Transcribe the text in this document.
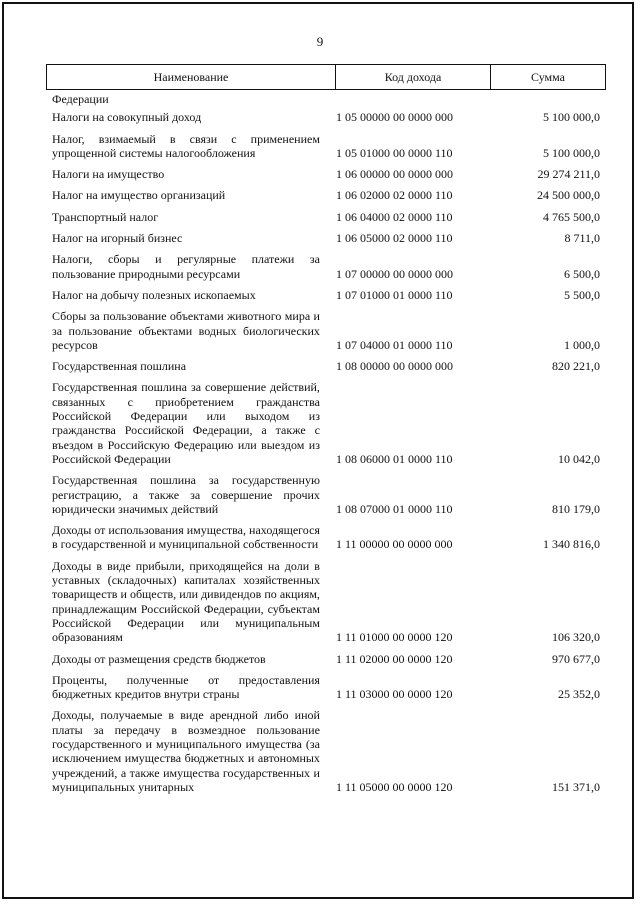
9
Наименование	Код дохода	Сумма
Федерации
Налоги на совокупный доход	1 05 00000 00 0000 000	5 100 000,0
Налог, взимаемый в связи с применением упрощенной системы налогообложения	1 05 01000 00 0000 110	5 100 000,0
Налоги на имущество	1 06 00000 00 0000 000	29 274 211,0
Налог на имущество организаций	1 06 02000 02 0000 110	24 500 000,0
Транспортный налог	1 06 04000 02 0000 110	4 765 500,0
Налог на игорный бизнес	1 06 05000 02 0000 110	8 711,0
Налоги, сборы и регулярные платежи за пользование природными ресурсами	1 07 00000 00 0000 000	6 500,0
Налог на добычу полезных ископаемых	1 07 01000 01 0000 110	5 500,0
Сборы за пользование объектами животного мира и за пользование объектами водных биологических ресурсов	1 07 04000 01 0000 110	1 000,0
Государственная пошлина	1 08 00000 00 0000 000	820 221,0
Государственная пошлина за совершение действий, связанных с приобретением гражданства Российской Федерации или выходом из гражданства Российской Федерации, а также с въездом в Российскую Федерацию или выездом из Российской Федерации	1 08 06000 01 0000 110	10 042,0
Государственная пошлина за государственную регистрацию, а также за совершение прочих юридически значимых действий	1 08 07000 01 0000 110	810 179,0
Доходы от использования имущества, находящегося в государственной и муниципальной собственности	1 11 00000 00 0000 000	1 340 816,0
Доходы в виде прибыли, приходящейся на доли в уставных (складочных) капиталах хозяйственных товариществ и обществ, или дивидендов по акциям, принадлежащим Российской Федерации, субъектам Российской Федерации или муниципальным образованиям	1 11 01000 00 0000 120	106 320,0
Доходы от размещения средств бюджетов	1 11 02000 00 0000 120	970 677,0
Проценты, полученные от предоставления бюджетных кредитов внутри страны	1 11 03000 00 0000 120	25 352,0
Доходы, получаемые в виде арендной либо иной платы за передачу в возмездное пользование государственного и муниципального имущества (за исключением имущества бюджетных и автономных учреждений, а также имущества государственных и муниципальных унитарных	1 11 05000 00 0000 120	151 371,0
